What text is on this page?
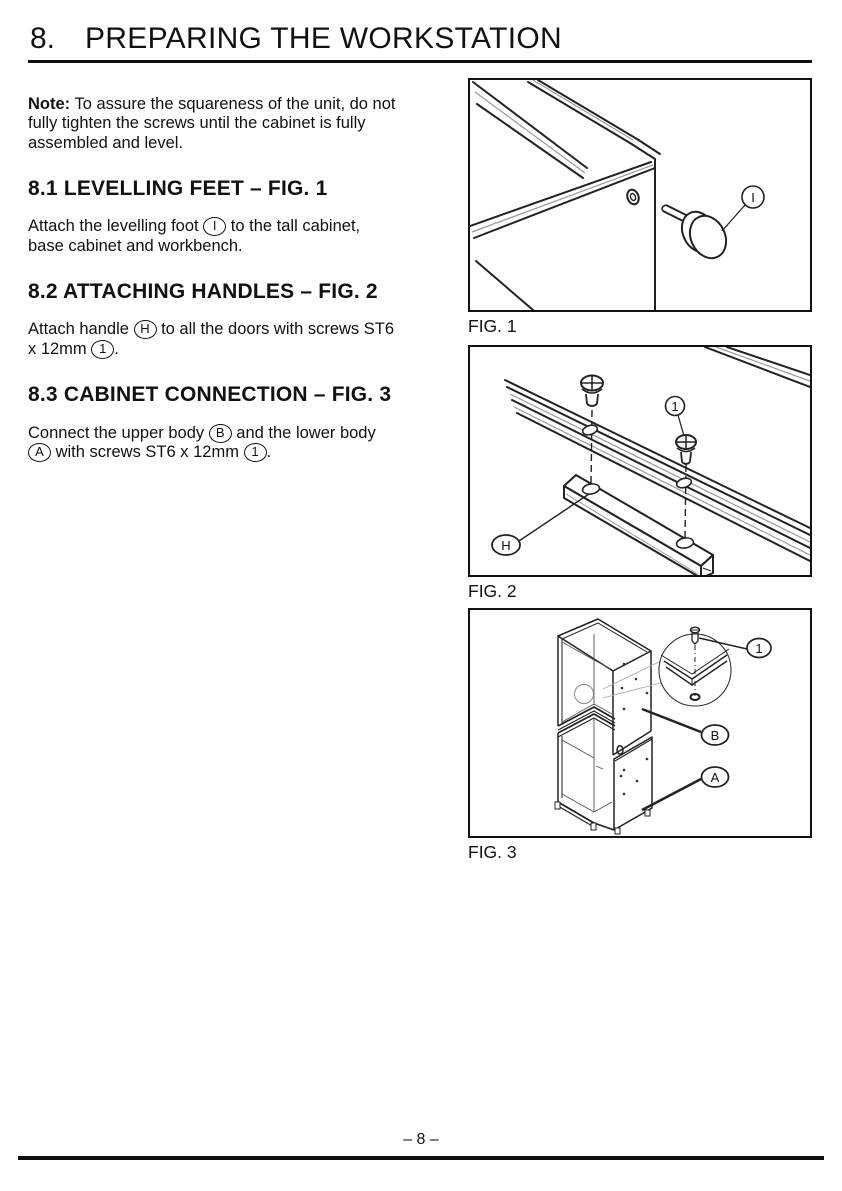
8. PREPARING THE WORKSTATION

Note: To assure the squareness of the unit, do not
fully tighten the screws until the cabinet is fully
assembled and level.

8.1 LEVELLING FEET – FIG. 1

Attach the levelling foot I to the tall cabinet,
base cabinet and workbench.

8.2 ATTACHING HANDLES – FIG. 2

Attach handle H to all the doors with screws ST6
x 12mm 1 .

8.3 CABINET CONNECTION – FIG. 3

Connect the upper body B and the lower body
A with screws ST6 x 12mm 1 .

I
FIG. 1
1
H
FIG. 2
1
B
A
FIG. 3
– 8 –
